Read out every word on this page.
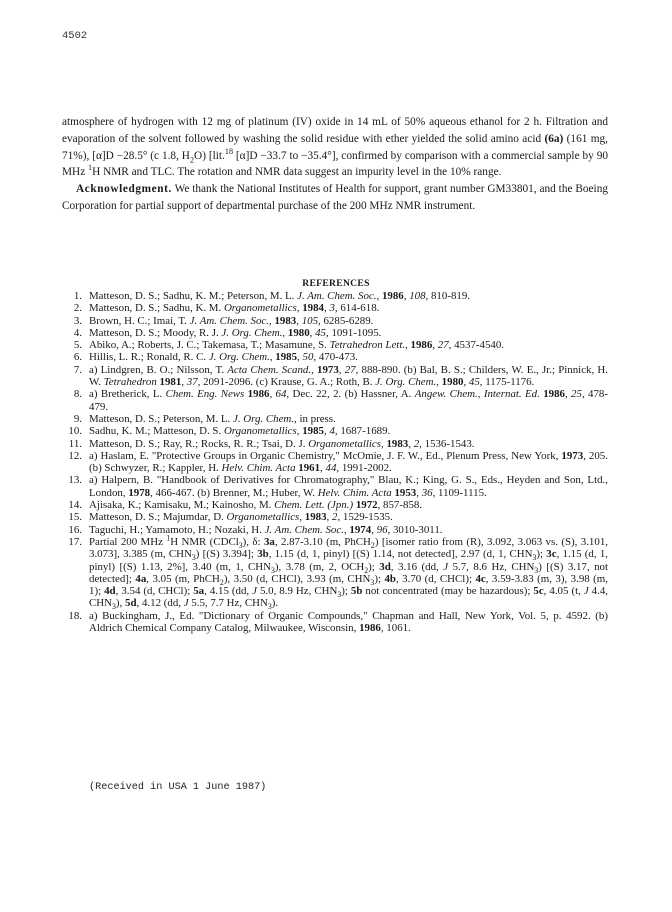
4502

atmosphere of hydrogen with 12 mg of platinum (IV) oxide in 14 mL of 50% aqueous ethanol for 2 h. Filtration and evaporation of the solvent followed by washing the solid residue with ether yielded the solid amino acid (6a) (161 mg, 71%), [α]D −28.5° (c 1.8, $H_2O$) [lit.$^{18}$ [α]D −33.7 to −35.4°], confirmed by comparison with a commercial sample by 90 MHz $^1$H NMR and TLC. The rotation and NMR data suggest an impurity level in the 10% range.

Acknowledgment. We thank the National Institutes of Health for support, grant number GM33801, and the Boeing Corporation for partial support of departmental purchase of the 200 MHz NMR instrument.

REFERENCES
1. Matteson, D. S.; Sadhu, K. M.; Peterson, M. L. J. Am. Chem. Soc., 1986, 108, 810-819.
2. Matteson, D. S.; Sadhu, K. M. Organometallics, 1984, 3, 614-618.
3. Brown, H. C.; Imai, T. J. Am. Chem. Soc., 1983, 105, 6285-6289.
4. Matteson, D. S.; Moody, R. J. J. Org. Chem., 1980, 45, 1091-1095.
5. Abiko, A.; Roberts, J. C.; Takemasa, T.; Masamune, S. Tetrahedron Lett., 1986, 27, 4537-4540.
6. Hillis, L. R.; Ronald, R. C. J. Org. Chem., 1985, 50, 470-473.
7. a) Lindgren, B. O.; Nilsson, T. Acta Chem. Scand., 1973, 27, 888-890. (b) Bal, B. S.; Childers, W. E., Jr.; Pinnick, H. W. Tetrahedron 1981, 37, 2091-2096. (c) Krause, G. A.; Roth, B. J. Org. Chem., 1980, 45, 1175-1176.
8. a) Bretherick, L. Chem. Eng. News 1986, 64, Dec. 22, 2. (b) Hassner, A. Angew. Chem., Internat. Ed. 1986, 25, 478-479.
9. Matteson, D. S.; Peterson, M. L. J. Org. Chem., in press.
10. Sadhu, K. M.; Matteson, D. S. Organometallics, 1985, 4, 1687-1689.
11. Matteson, D. S.; Ray, R.; Rocks, R. R.; Tsai, D. J. Organometallics, 1983, 2, 1536-1543.
12. a) Haslam, E. "Protective Groups in Organic Chemistry," McOmie, J. F. W., Ed., Plenum Press, New York, 1973, 205. (b) Schwyzer, R.; Kappler, H. Helv. Chim. Acta 1961, 44, 1991-2002.
13. a) Halpern, B. "Handbook of Derivatives for Chromatography," Blau, K.; King, G. S., Eds., Heyden and Son, Ltd., London, 1978, 466-467. (b) Brenner, M.; Huber, W. Helv. Chim. Acta 1953, 36, 1109-1115.
14. Ajisaka, K.; Kamisaku, M.; Kainosho, M. Chem. Lett. (Jpn.) 1972, 857-858.
15. Matteson, D. S.; Majumdar, D. Organometallics, 1983, 2, 1529-1535.
16. Taguchi, H.; Yamamoto, H.; Nozaki, H. J. Am. Chem. Soc., 1974, 96, 3010-3011.
17. Partial 200 MHz $^1$H NMR (CDCl$_3$), δ: 3a, 2.87-3.10 (m, PhCH$_2$) [isomer ratio from (R), 3.092, 3.063 vs. (S), 3.101, 3.073], 3.385 (m, $CHN_3$) [(S) 3.394]; 3b, 1.15 (d, 1, pinyl) [(S) 1.14, not detected], 2.97 (d, 1, $CHN_3$); 3c, 1.15 (d, 1, pinyl) [(S) 1.13, 2%], 3.40 (m, 1, $CHN_3$), 3.78 (m, 2, $OCH_2$); 3d, 3.16 (dd, J 5.7, 8.6 Hz, $CHN_3$) [(S) 3.17, not detected]; 4a, 3.05 (m, PhCH$_2$), 3.50 (d, CHCl), 3.93 (m, $CHN_3$); 4b, 3.70 (d, CHCl); 4c, 3.59-3.83 (m, 3), 3.98 (m, 1); 4d, 3.54 (d, CHCl); 5a, 4.15 (dd, J 5.0, 8.9 Hz, $CHN_3$); 5b not concentrated (may be hazardous); 5c, 4.05 (t, J 4.4, $CHN_3$), 5d, 4.12 (dd, J 5.5, 7.7 Hz, $CHN_3$).
18. a) Buckingham, J., Ed. "Dictionary of Organic Compounds," Chapman and Hall, New York, Vol. 5, p. 4592. (b) Aldrich Chemical Company Catalog, Milwaukee, Wisconsin, 1986, 1061.
(Received in USA 1 June 1987)
